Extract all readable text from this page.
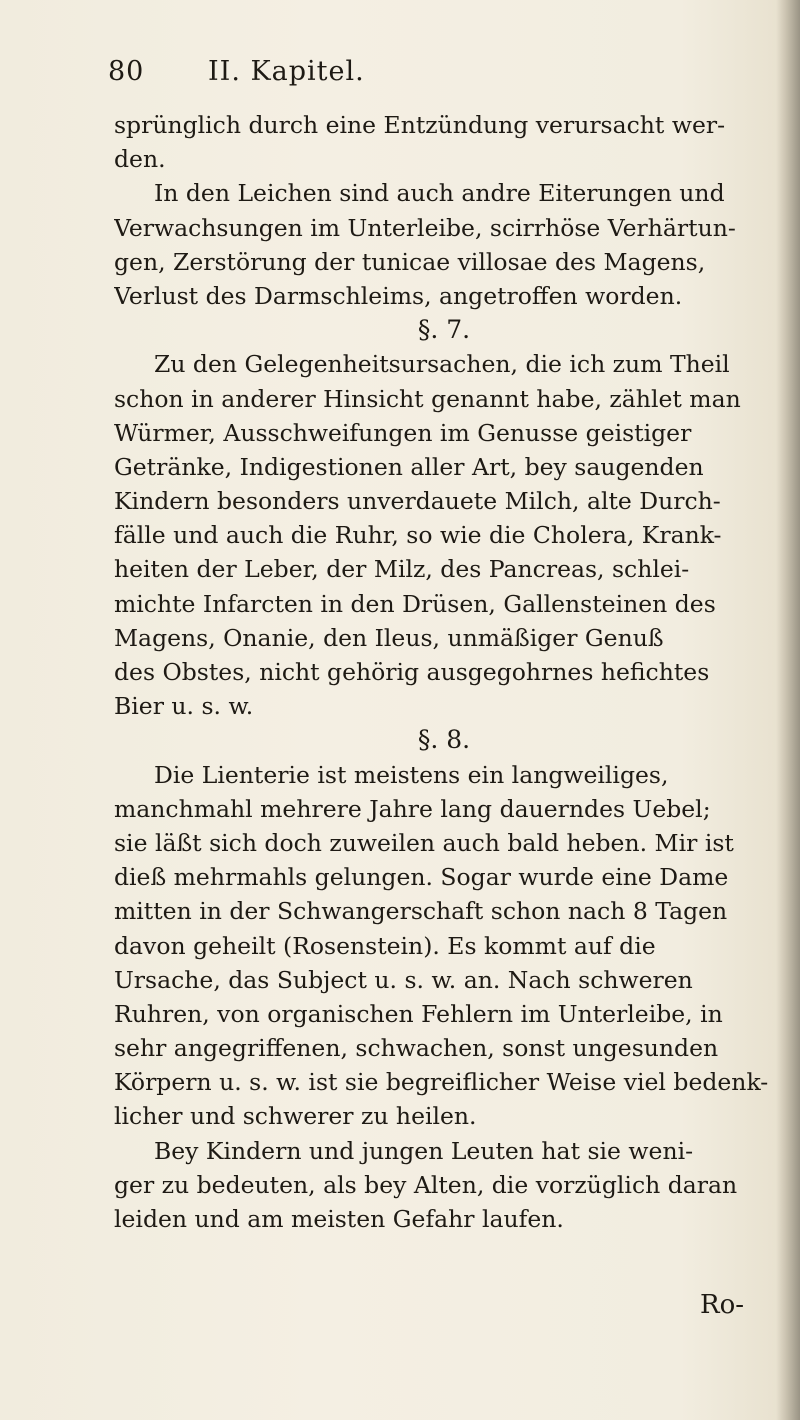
80 II. Kapitel.
sprünglich durch eine Entzündung verursacht wer-
den.
In den Leichen sind auch andre Eiterungen und
Verwachsungen im Unterleibe, scirrhöse Verhärtun-
gen, Zerstörung der tunicae villosae des Magens,
Verlust des Darmschleims, angetroffen worden.
§. 7.
Zu den Gelegenheitsursachen, die ich zum Theil
schon in anderer Hinsicht genannt habe, zählet man
Würmer, Ausschweifungen im Genusse geistiger
Getränke, Indigestionen aller Art, bey saugenden
Kindern besonders unverdauete Milch, alte Durch-
fälle und auch die Ruhr, so wie die Cholera, Krank-
heiten der Leber, der Milz, des Pancreas, schlei-
michte Infarcten in den Drüsen, Gallensteinen des
Magens, Onanie, den Ileus, unmäßiger Genuß
des Obstes, nicht gehörig ausgegohrnes hefichtes
Bier u. s. w.
§. 8.
Die Lienterie ist meistens ein langweiliges,
manchmahl mehrere Jahre lang dauerndes Uebel;
sie läßt sich doch zuweilen auch bald heben. Mir ist
dieß mehrmahls gelungen. Sogar wurde eine Dame
mitten in der Schwangerschaft schon nach 8 Tagen
davon geheilt (Rosenstein). Es kommt auf die
Ursache, das Subject u. s. w. an. Nach schweren
Ruhren, von organischen Fehlern im Unterleibe, in
sehr angegriffenen, schwachen, sonst ungesunden
Körpern u. s. w. ist sie begreiflicher Weise viel bedenk-
licher und schwerer zu heilen.
Bey Kindern und jungen Leuten hat sie weni-
ger zu bedeuten, als bey Alten, die vorzüglich daran
leiden und am meisten Gefahr laufen.
Ro-
